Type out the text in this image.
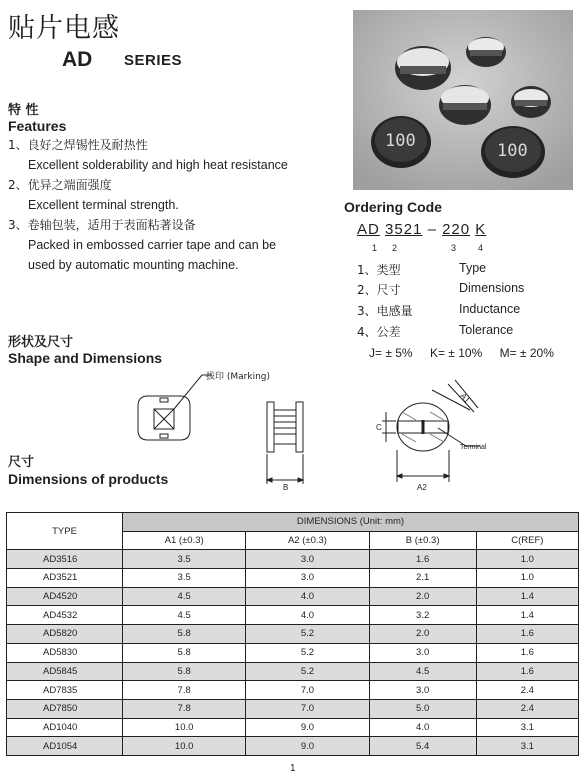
贴片电感
AD SERIES
特 性
Features
1、良好之焊锡性及耐热性
Excellent solderability and high heat resistance
2、优异之端面强度
Excellent terminal strength.
3、卷轴包装，适用于表面粘著设备
Packed in embossed carrier tape and can be
used by automatic mounting machine.
100	100
Ordering Code
AD 3521 – 220 K
1 2	3 4
1、类型	Type
2、尺寸	Dimensions
3、电感量	Inductance
4、公差	Tolerance
J= ± 5% K= ± 10% M= ± 20%
形状及尺寸
Shape and Dimensions
拔印 (Marking)
B
A1
A2
C
Terminal
尺寸
Dimensions of products
TYPE	DIMENSIONS (Unit: mm)			
	A1 (±0.3)	A2 (±0.3)	B (±0.3)	C(REF)
AD3516	3.5	3.0	1.6	1.0
AD3521	3.5	3.0	2.1	1.0
AD4520	4.5	4.0	2.0	1.4
AD4532	4.5	4.0	3.2	1.4
AD5820	5.8	5.2	2.0	1.6
AD5830	5.8	5.2	3.0	1.6
AD5845	5.8	5.2	4.5	1.6
AD7835	7.8	7.0	3.0	2.4
AD7850	7.8	7.0	5.0	2.4
AD1040	10.0	9.0	4.0	3.1
AD1054	10.0	9.0	5.4	3.1
1
